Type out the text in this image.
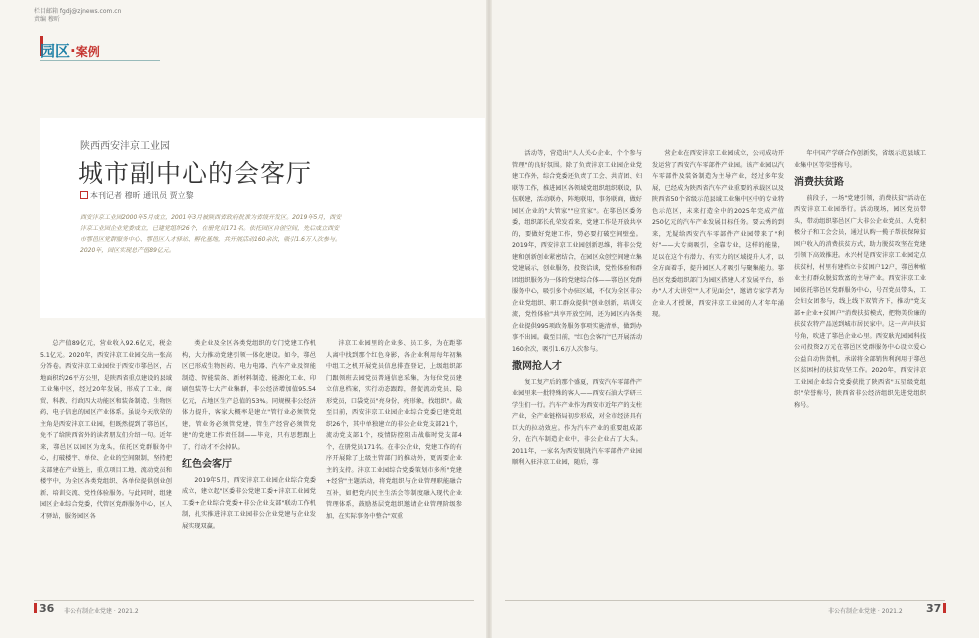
栏目邮箱 fgdj@zjnews.com.cn
责编 穆昕
园区·案例
陕西西安沣京工业园
城市副中心的会客厅
本刊记者 穆昕 通讯员 贾立黎
西安沣京工业园2000年5月成立，2001年3月被陕西省政府批准为省级开发区。2019年5月，西安沣京工业园企业党委成立，已建党组织26个，在册党员171名。依托园区自创空间，先后成立西安市鄠邑区党群服务中心、鄠邑区人才驿站、孵化基地，共开展活动160余次，吸引1.6万人次参与。2020年，园区实现总产值89亿元。

总产值89亿元，营业收入92.6亿元，税金5.1亿元。2020年，西安沣京工业园交出一张高分答卷。西安沣京工业园位于西安市鄠邑区，占地面积约26平方公里，是陕西省重点建设的县域工业集中区，经过20年发展，形成了工业、商贸、科教、行政四大功能区和装备制造、生物医药、电子信息的园区产业体系。虽说今天欣荣的主角是西安沣京工业园，但既然提到了鄠邑区，免不了给陕西省外的读者朋友们介绍一句。近年来，鄠邑区以园区为龙头，依托区党群服务中心，打破楼宇、单位、企业的空间限制，坚持把支部建在产业链上，重点项目工地、流动党员和楼宇中，为全区各类党组织、各单位提供创业创新、培训交流、党性体验服务。与此同时，组建园区企业综合党委，代管区党群服务中心，区人才驿站，服务园区各

类企业及全区各类党组织的专门党建工作机构，大力推动党建引领一体化建设。如今，鄠邑区已形成生物医药、电力电器、汽车产业及智能制造、智能装备、新材料制造、能源化工业、印刷包装等七大产业集群，非公经济增加值95.54亿元，占地区生产总值的53%。同规模非公经济体力提升，客家大概率是建立"管行业必须管党建，管业务必须管党建，管生产经营必须管党建"的党建工作责任制——毕竟，只有思想跟上了，行动才不会掉队。

红色会客厅

2019年5月，西安沣京工业园企业综合党委成立，建立起"区委非公党建工委+沣京工业园党工委+企业综合党委+非公企业支部"联动工作机制，扎实推进沣京工业园非公企业党建与企业发展实现双赢。

沣京工业园里的企业多、员工多，为在距鄠人离中找到那个红色身影，各企业利用每年初集中组工之机开展党员信息排查登记，上级组织部门跟领班去园党员普通信息采集，为每位党员建立信息档案，实行动态跟踪，督促流动党员、隐形党员，口袋党员"亮身份，亮形象，找组织"。截至目前，西安沣京工业园企业综合党委已建党组织26个，其中单独建立的非公企业党支部21个，流动党支部1个，疫情防控阻击战临时党支部4个，在册党员171名。在非公企业，党建工作的有序开展除了上级主管部门的推动外，更需要企业主的支持。沣京工业园综合党委策划市多所"党建+经营"主题活动，将党组织与企业管理职能融合互补，如把党内民主生活会等制度融入现代企业管理体系，鼓励基层党组织邀请企业管理阶级参加，在实际事务中整合"双重

活动等，营造出"人人关心企业、个个参与管理"的良好氛围。除了负责沣京工业园企业党建工作外，综合党委还负责了工会、共青团、妇联等工作，推进园区各领域党组织组织联设，队伍联建，活动联办，阵地联用，事务联商，做好园区企业的"大管家""应宜家"。在鄠邑区委务委，组织部长孔荣发看来，党建工作是开放共享的，要做好党建工作，势必要打破空间壁垒。2019年，西安沣京工业园创新思维，将非公党建和创新创业紧密结合，在园区众创空间建立集党建展示，创业服务，投资洽谈，党性体验和群团组织服务为一体的党建综合体——鄠邑区党群服务中心，吸引多个办驻区域，不仅为全区非公企业党组织、职工群众提供"创业创新，培训交流，党性体验"共享开放空间，还为园区内各类企业提供995项政务服务事项实施清单，做到办事不出园。截至目前，"红色会客厅"已开展活动160余次，吸引1.6万人次参与。

撒网抢人才

复工复产后的那个盛夏，西安汽车零部件产业园里来一批特殊的客人——西安石油大学研三学生们一行。汽车产业作为西安市近年产的支柱产业，全产业链格局初步形成，对全市经济具有巨大的拉动效应。作为汽车产业的重要组成部分，在汽车制造企业中，非公企业占了大头。2011年，一家名为西安银陇汽车零部件产业园顺利入驻沣京工业园，随后，鄠

营企业在西安沣京工业园成立，公司成功开发运营了西安汽车零部件产业园。该产业园以汽车零部件及装备制造为主导产业，经过多年发展，已经成为陕西省汽车产业重要的承载区以及陕西省50个省级示范县域工业集中区中的专业特色示范区，未来打造全中的2025年完成产值250亿元的汽车产业发展目标任务。要云秀的到来，无疑给西安汽车零部件产业园带来了"利好"——大专商吸引，全靠专业，这样的能量，足以在这个有潜力、有实力的区域提升人才，以全方面着手，提升园区人才吸引与聚集能力。鄠邑区党委组织部门为园区搭建人才发展平台，举办"人才大讲堂""人才见面会"，邀请专家学者为企业人才授课，西安沣京工业园的人才年年涌现。

年中国产学研合作创新奖，省级示范县域工业集中区等荣誉称号。

消费扶贫路

前段子，一场"党建引领，消费扶贫"活动在西安沣京工业园举行。活动现场，园区党员带头，带动组织鄠邑区广大非公企业党员、人党积极分子和工会会员，通过认购一揽子帮扶保障贫困户收入的消费扶贫方式，助力脱贫攻坚在党建引领下高效推进。永兴村是西安沣京工业园定点扶贫村，村里有建档立卡贫困户12户，鄠邑种植业主打群众脱贫致富的主导产业。西安沣京工业园依托鄠邑区党群服务中心，号召党员带头，工会妇女团参与，线上线下双管齐下，推动"党支部+企业+贫困户"消费扶贫模式，把物美价廉的扶贫农特产品送到城市居民家中。这一声声扶贫号角，吹进了鄠邑企业心里。西安耿光园园科技公司投资2万元在鄠邑区党群服务中心设立爱心公益自动售货机，承诺将全部销售利润用于鄠邑区贫困村的扶贫攻坚工作。2020年，西安沣京工业园企业综合党委获批了陕西省"五星级党组织"荣誉称号，陕西省非公经济组织先进党组织称号。

36 非公有制企业党建 · 2021.2	非公有制企业党建 · 2021.2 37
